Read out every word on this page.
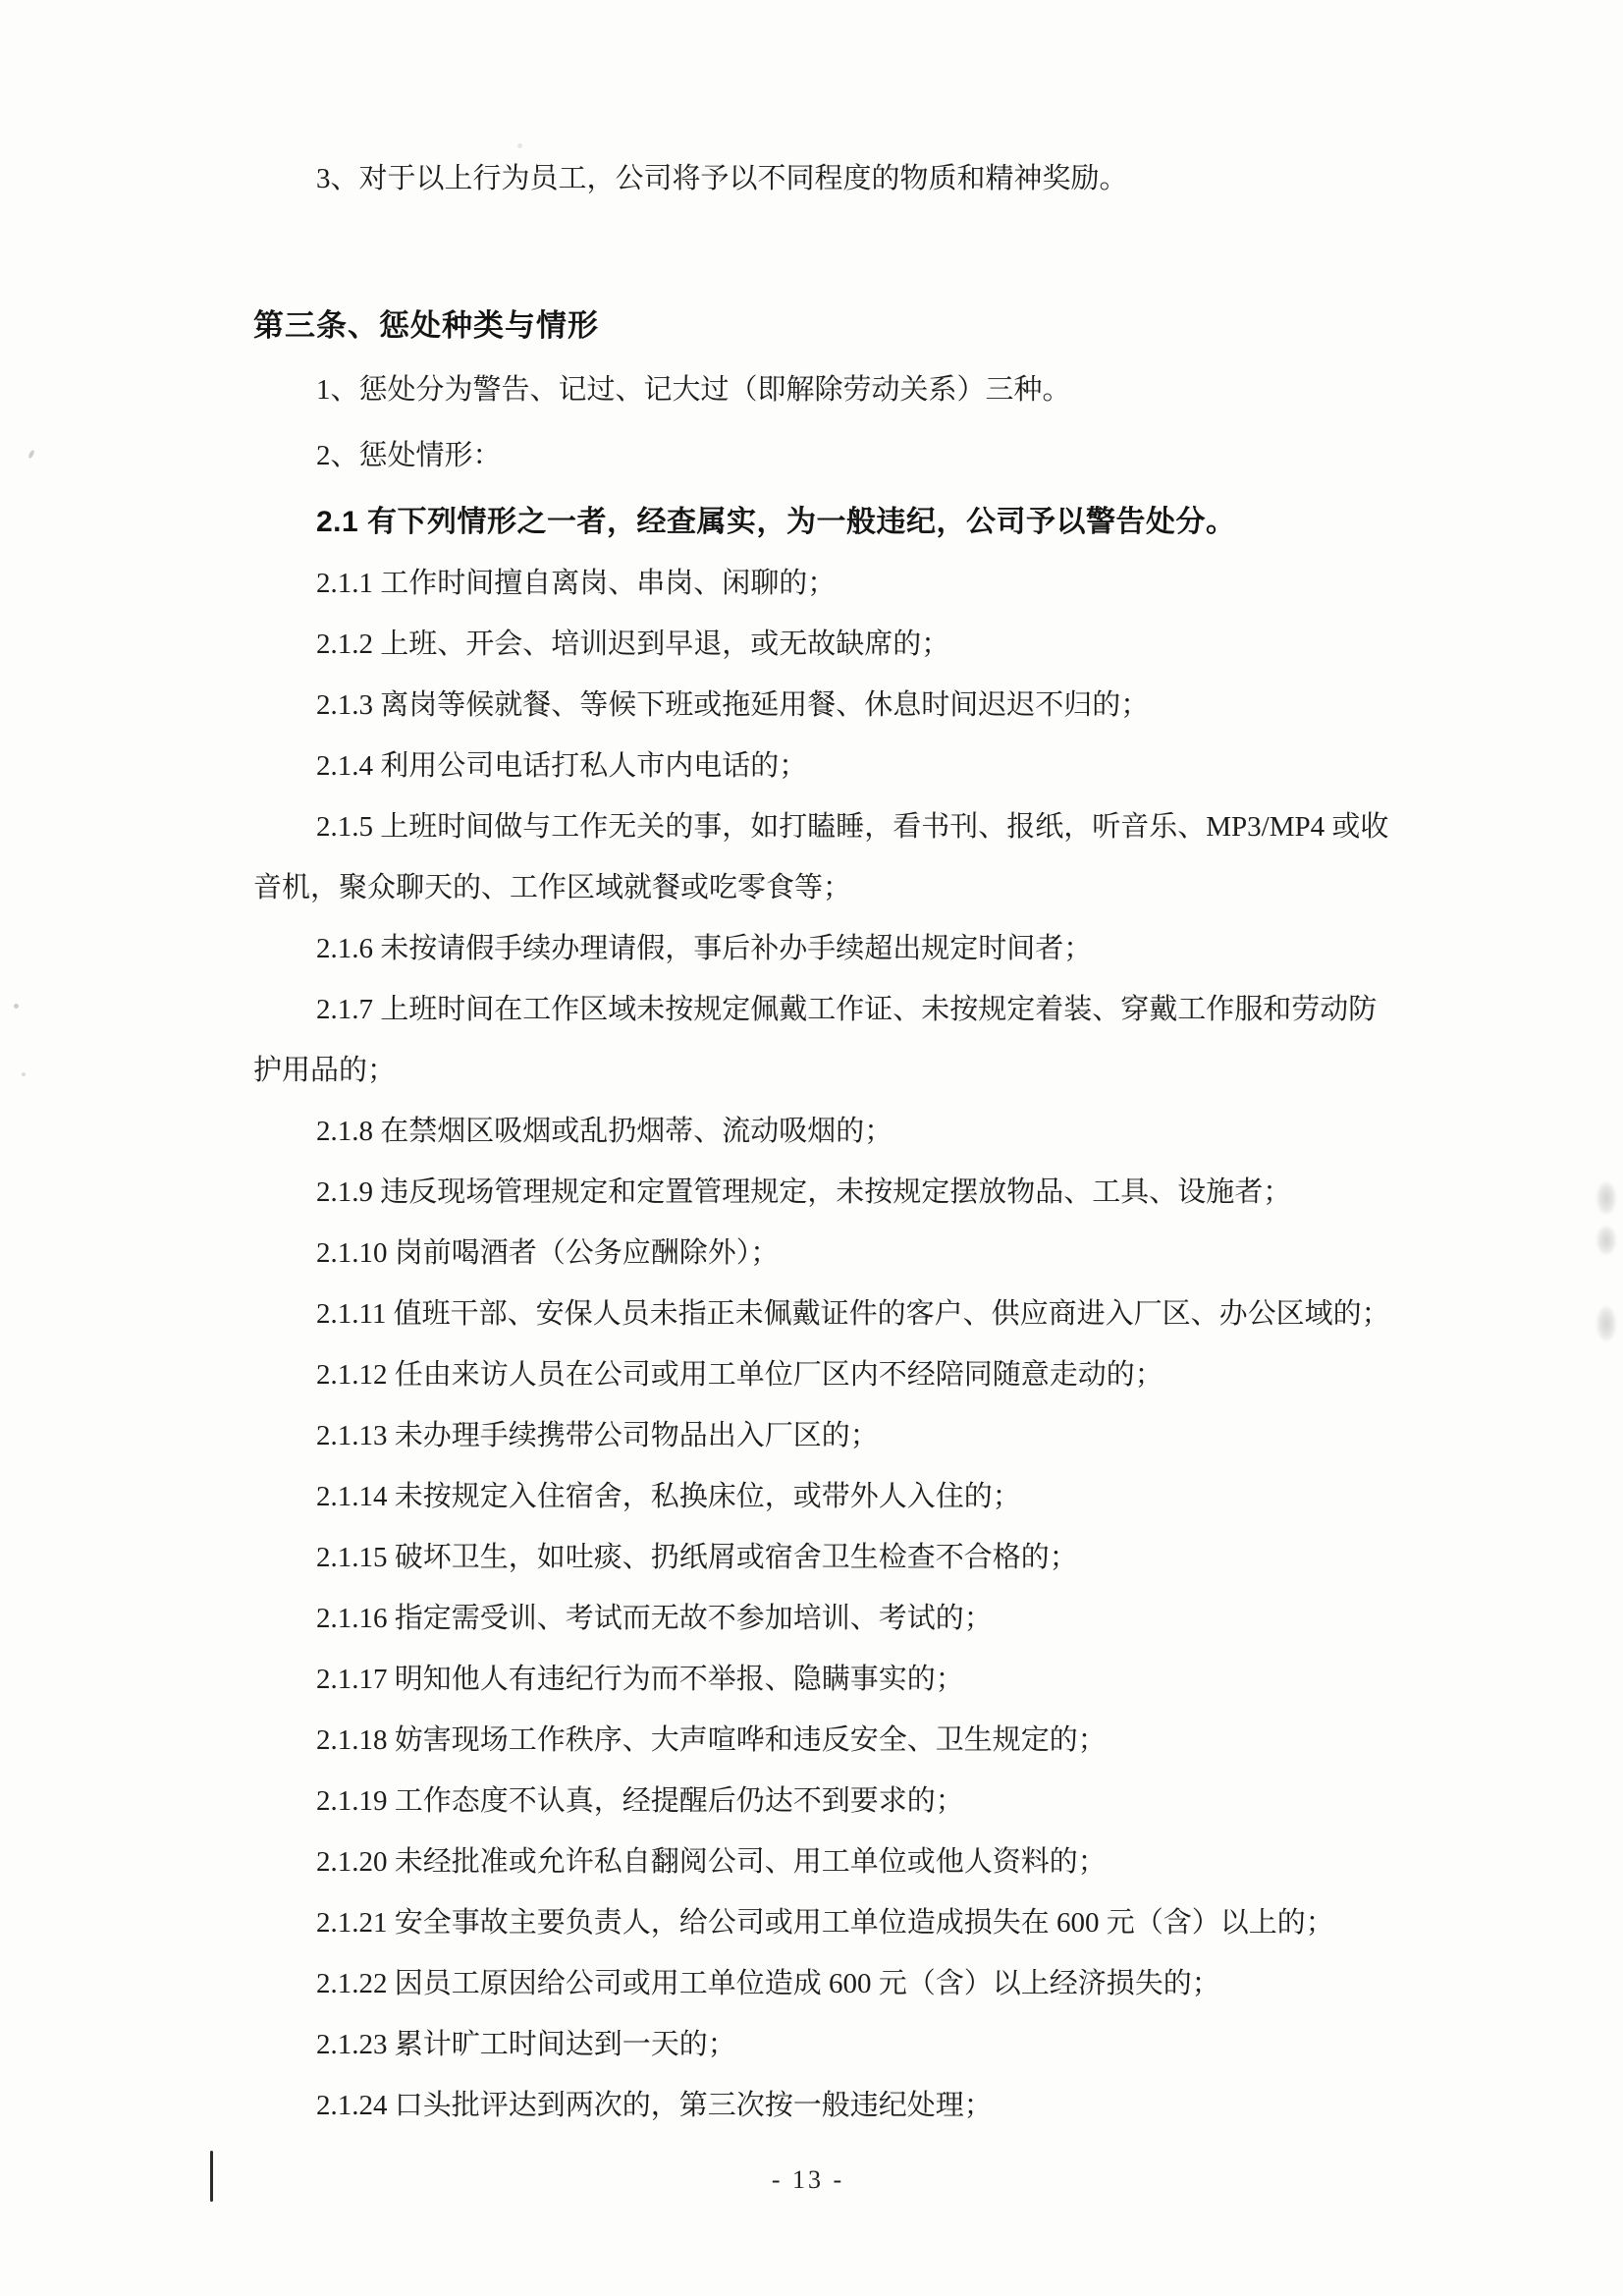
3、对于以上行为员工，公司将予以不同程度的物质和精神奖励。

第三条、惩处种类与情形

1、惩处分为警告、记过、记大过（即解除劳动关系）三种。

2、惩处情形：

2.1 有下列情形之一者，经查属实，为一般违纪，公司予以警告处分。

2.1.1 工作时间擅自离岗、串岗、闲聊的；
2.1.2 上班、开会、培训迟到早退，或无故缺席的；
2.1.3 离岗等候就餐、等候下班或拖延用餐、休息时间迟迟不归的；
2.1.4 利用公司电话打私人市内电话的；
2.1.5 上班时间做与工作无关的事，如打瞌睡，看书刊、报纸，听音乐、MP3/MP4 或收
音机，聚众聊天的、工作区域就餐或吃零食等；
2.1.6 未按请假手续办理请假，事后补办手续超出规定时间者；
2.1.7 上班时间在工作区域未按规定佩戴工作证、未按规定着装、穿戴工作服和劳动防
护用品的；
2.1.8 在禁烟区吸烟或乱扔烟蒂、流动吸烟的；
2.1.9 违反现场管理规定和定置管理规定，未按规定摆放物品、工具、设施者；
2.1.10 岗前喝酒者（公务应酬除外）；
2.1.11 值班干部、安保人员未指正未佩戴证件的客户、供应商进入厂区、办公区域的；
2.1.12 任由来访人员在公司或用工单位厂区内不经陪同随意走动的；
2.1.13 未办理手续携带公司物品出入厂区的；
2.1.14 未按规定入住宿舍，私换床位，或带外人入住的；
2.1.15 破坏卫生，如吐痰、扔纸屑或宿舍卫生检查不合格的；
2.1.16 指定需受训、考试而无故不参加培训、考试的；
2.1.17 明知他人有违纪行为而不举报、隐瞒事实的；
2.1.18 妨害现场工作秩序、大声喧哗和违反安全、卫生规定的；
2.1.19 工作态度不认真，经提醒后仍达不到要求的；
2.1.20 未经批准或允许私自翻阅公司、用工单位或他人资料的；
2.1.21 安全事故主要负责人，给公司或用工单位造成损失在 600 元（含）以上的；
2.1.22 因员工原因给公司或用工单位造成 600 元（含）以上经济损失的；
2.1.23 累计旷工时间达到一天的；
2.1.24 口头批评达到两次的，第三次按一般违纪处理；
- 13 -
